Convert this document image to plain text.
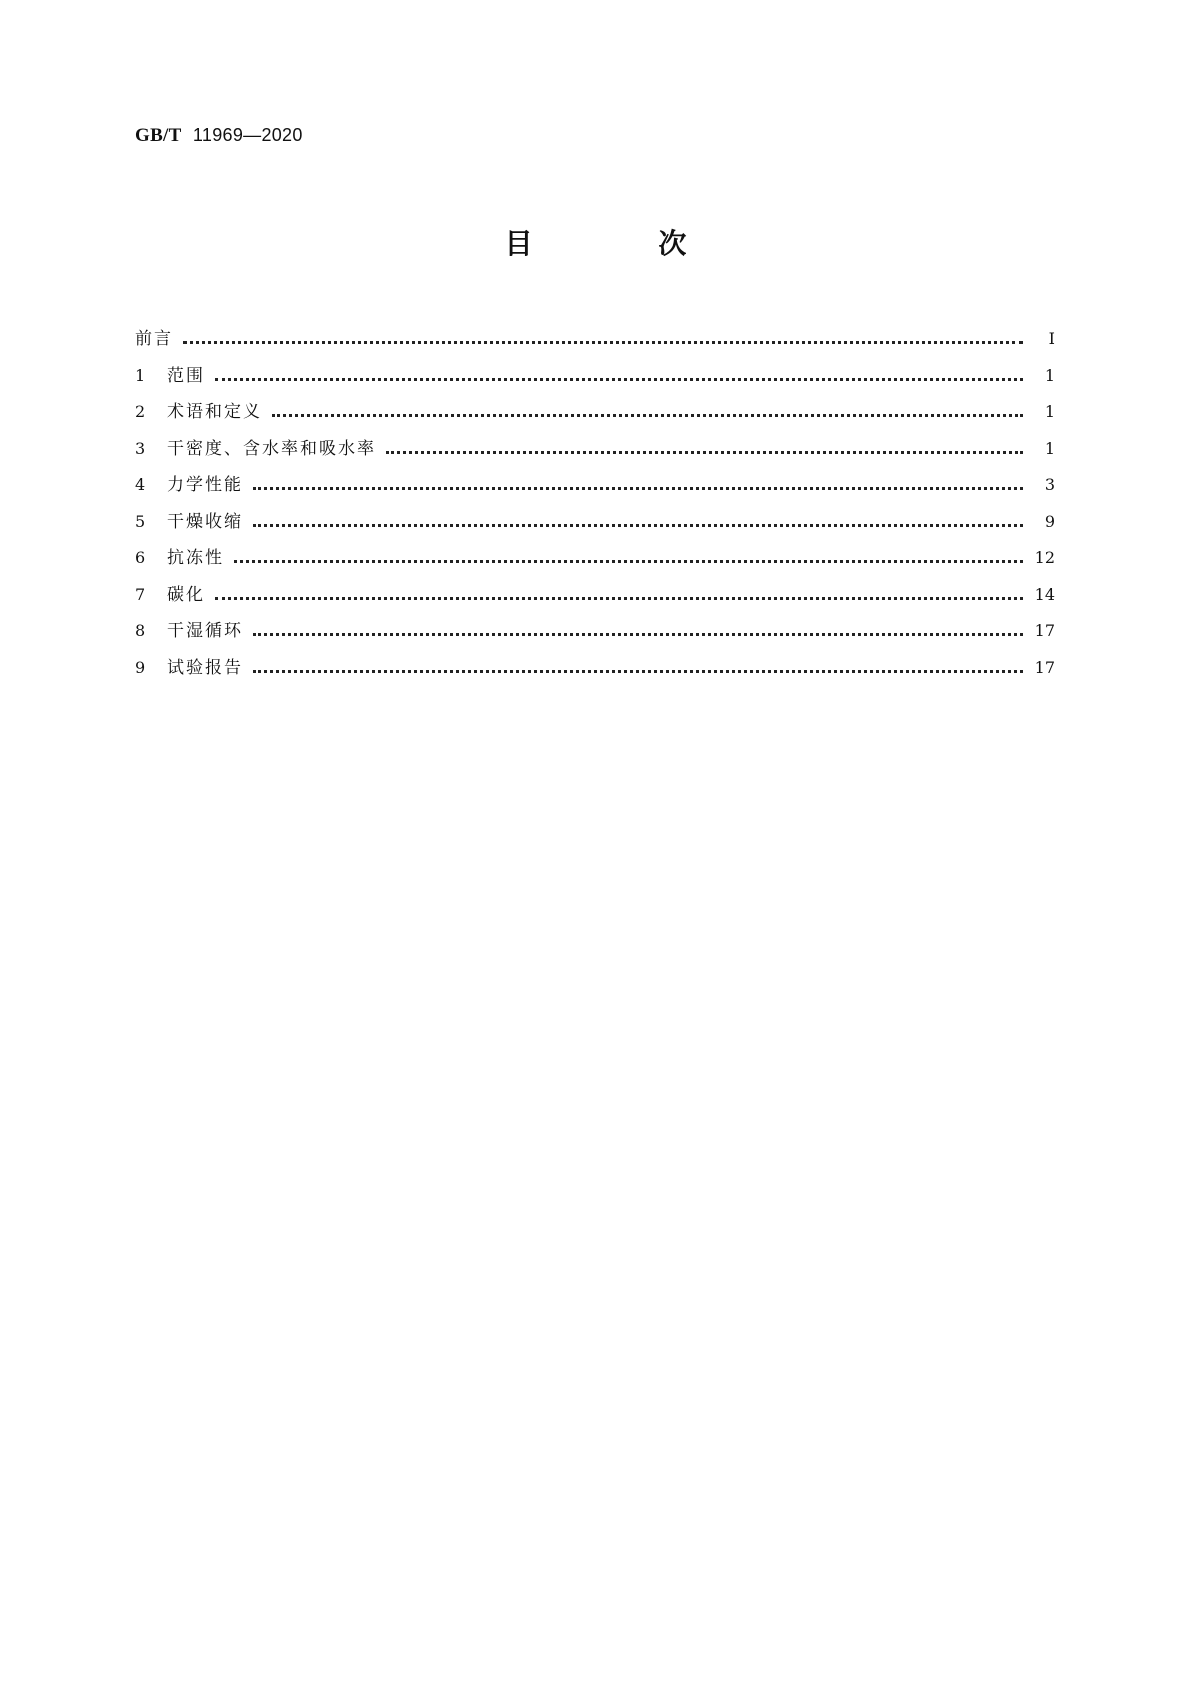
GB/T 11969—2020
目 次
前言	Ⅰ
1	范围	1
2	术语和定义	1
3	干密度、含水率和吸水率	1
4	力学性能	3
5	干燥收缩	9
6	抗冻性	12
7	碳化	14
8	干湿循环	17
9	试验报告	17
